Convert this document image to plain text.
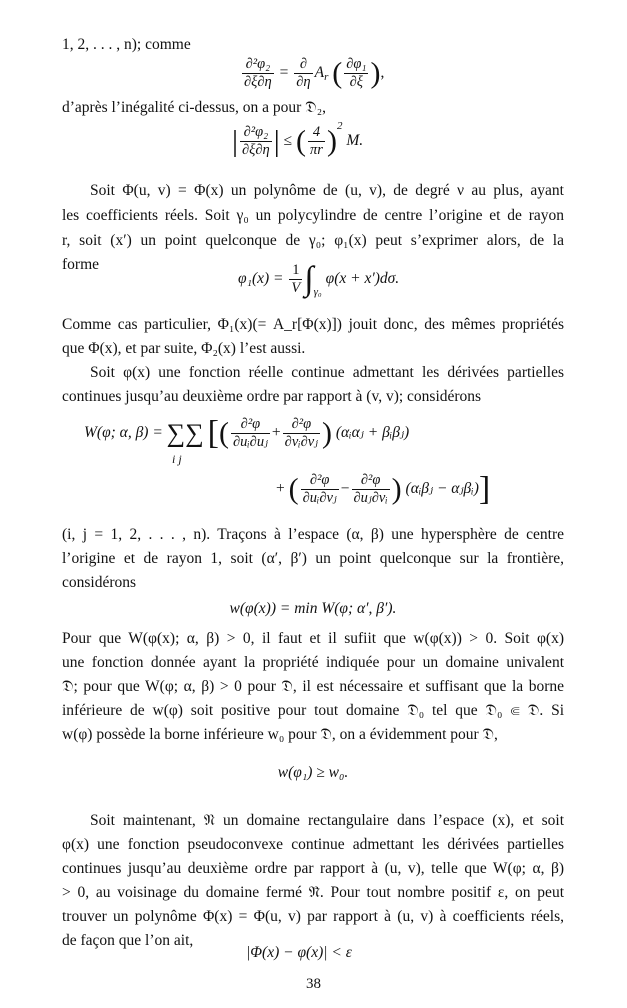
1, 2, . . . , n); comme
$\frac{\text{∂²φ₂}}{\partial\xi\partial\eta} = \frac{\partial}{\partial\eta} A_r$ ( $\frac{\text{∂φ₁}}{\partial\xi}$ ),
d’après l’inégalité ci-dessus, on a pour 𝔇₂,
| $\frac{\text{∂²φ₂}}{\partial\xi\partial\eta}$ | ≤ ( $\frac{4}{\pi r} )^2$ M.
Soit Φ(u, v) = Φ(x) un polynôme de (u, v), de degré ν au plus, ayant
les coefficients réels. Soit γ₀ un polycylindre de centre l’origine et de rayon
r, soit (x′) un point quelconque de γ₀; φ₁(x) peut s’exprimer alors, de la
forme
$\varphi_1(x) = \frac{1}{V} \int_{\gamma_0}$ φ(x + x′)dσ.
Comme cas particulier, Φ₁(x)(= A_r[Φ(x)]) jouit donc, des mêmes propriétés
que Φ(x), et par suite, Φ₂(x) l’est aussi.
Soit φ(x) une fonction réelle continue admettant les dérivées partielles
continues jusqu’au deuxième ordre par rapport à (v, v); considérons
W(φ; α, β) = ∑∑ [( $\frac{\text{∂²φ}}{\text{∂uᵢ∂uⱼ}} + \frac{\text{∂²φ}}{\text{∂vᵢ∂vⱼ}}$ ) (αᵢαⱼ + βᵢβⱼ)
i j
+ ( $\frac{\text{∂²φ}}{\text{∂uᵢ∂vⱼ}} - \frac{\text{∂²φ}}{\text{∂uⱼ∂vᵢ}}$ ) (αᵢβⱼ − αⱼβᵢ)]
(i, j = 1, 2, . . . , n). Traçons à l’espace (α, β) une hypersphère de centre
l’origine et de rayon 1, soit (α′, β′) un point quelconque sur la frontière,
considérons
w(φ(x)) = min W(φ; α′, β′).
Pour que W(φ(x); α, β) > 0, il faut et il sufiit que w(φ(x)) > 0. Soit φ(x)
une fonction donnée ayant la propriété indiquée pour un domaine univalent
𝔇; pour que W(φ; α, β) > 0 pour 𝔇, il est nécessaire et suffisant que la borne
inférieure de w(φ) soit positive pour tout domaine 𝔇₀ tel que 𝔇₀ ⋐ 𝔇. Si
w(φ) possède la borne inférieure w₀ pour 𝔇, on a évidemment pour 𝔇,
w(φ₁) ≥ w₀.
Soit maintenant, 𝔑 un domaine rectangulaire dans l’espace (x), et soit
φ(x) une fonction pseudoconvexe continue admettant les dérivées partielles
continues jusqu’au deuxième ordre par rapport à (u, v), telle que W(φ; α, β)
> 0, au voisinage du domaine fermé 𝔑̄. Pour tout nombre positif ε, on peut
trouver un polynôme Φ(x) = Φ(u, v) par rapport à (u, v) à coefficients réels,
de façon que l’on ait,
|Φ(x) − φ(x)| < ε
38
